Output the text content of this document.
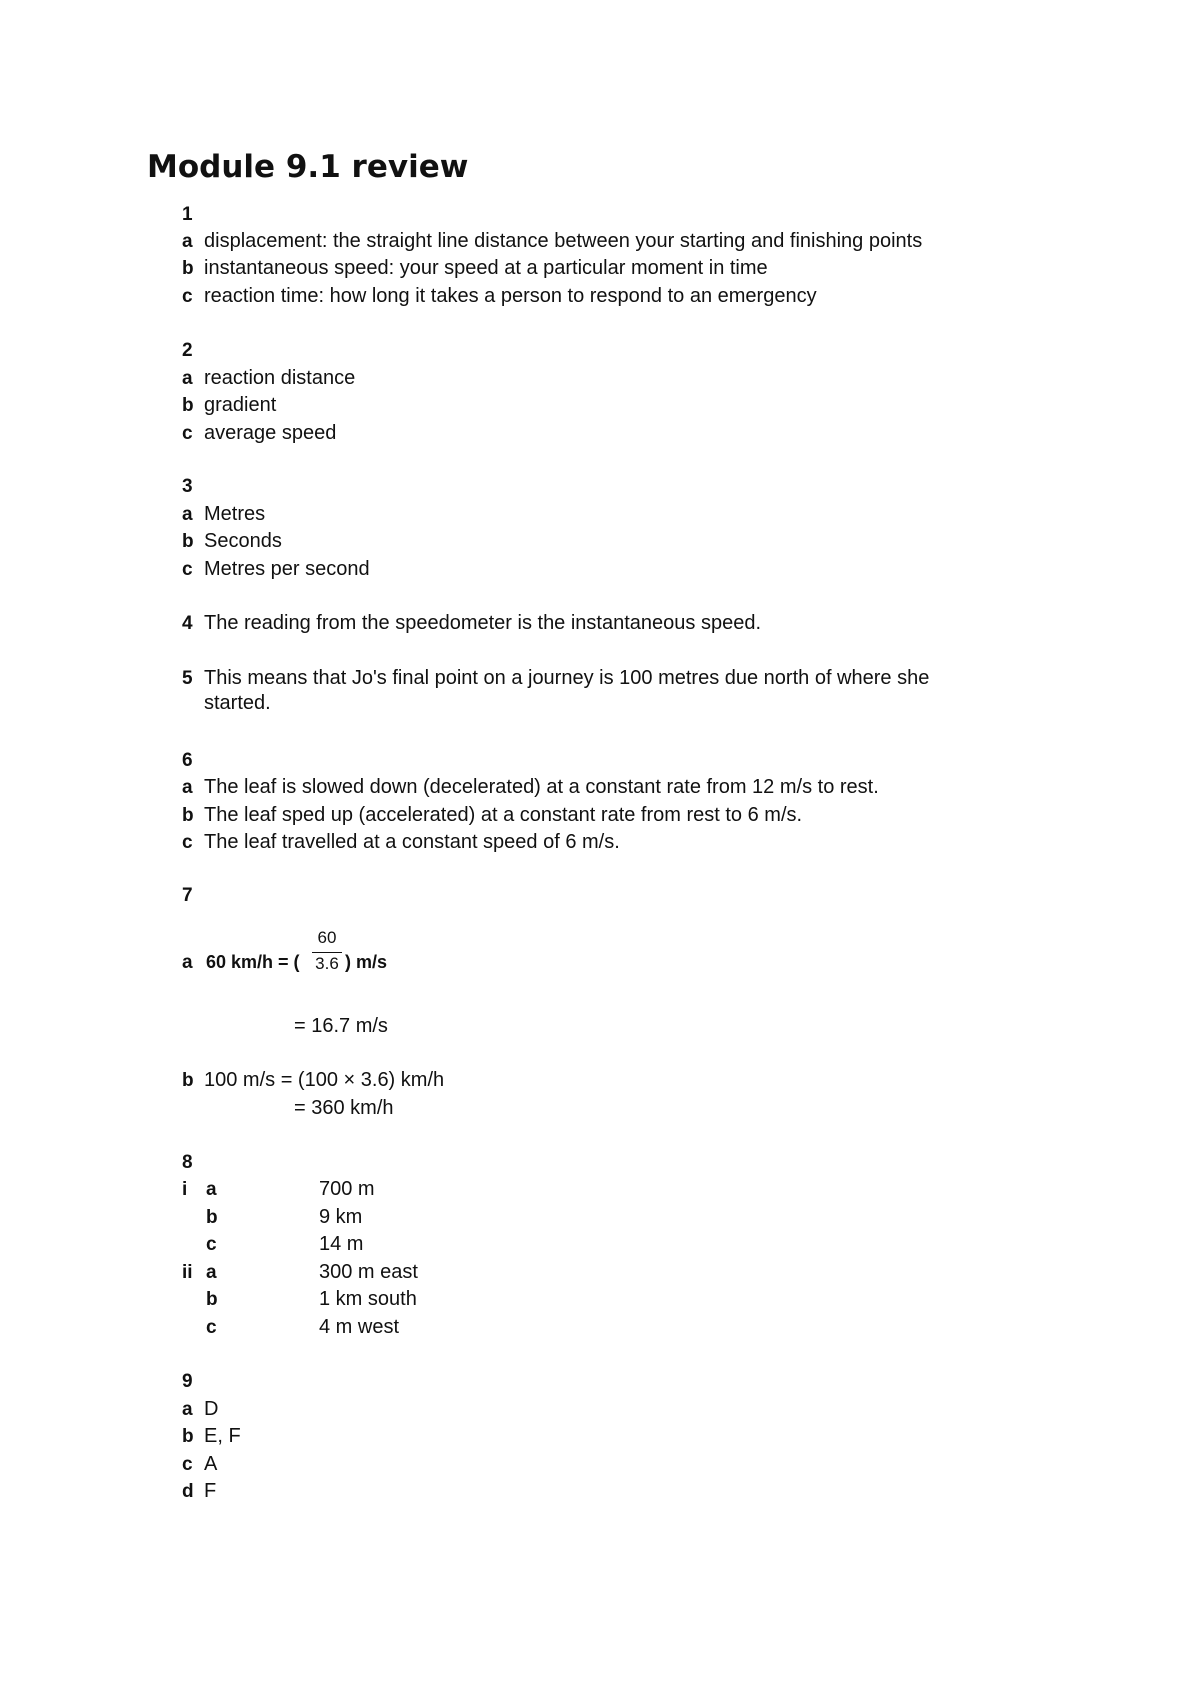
Module 9.1 review
1
a displacement: the straight line distance between your starting and finishing points
b instantaneous speed: your speed at a particular moment in time
c reaction time: how long it takes a person to respond to an emergency
2
a reaction distance
b gradient
c average speed
3
a Metres
b Seconds
c Metres per second
4 The reading from the speedometer is the instantaneous speed.
5 This means that Jo's final point on a journey is 100 metres due north of where she
started.
6
a The leaf is slowed down (decelerated) at a constant rate from 12 m/s to rest.
b The leaf sped up (accelerated) at a constant rate from rest to 6 m/s.
c The leaf travelled at a constant speed of 6 m/s.
7
a 60 km/h = (
60
3.6 ) m/s
= 16.7 m/s
b 100 m/s = (100 × 3.6) km/h
= 360 km/h
8
i a	700 m
b	9 km
c	14 m
ii a	300 m east
b	1 km south
c	4 m west
9
a D
b E, F
c A
d F
